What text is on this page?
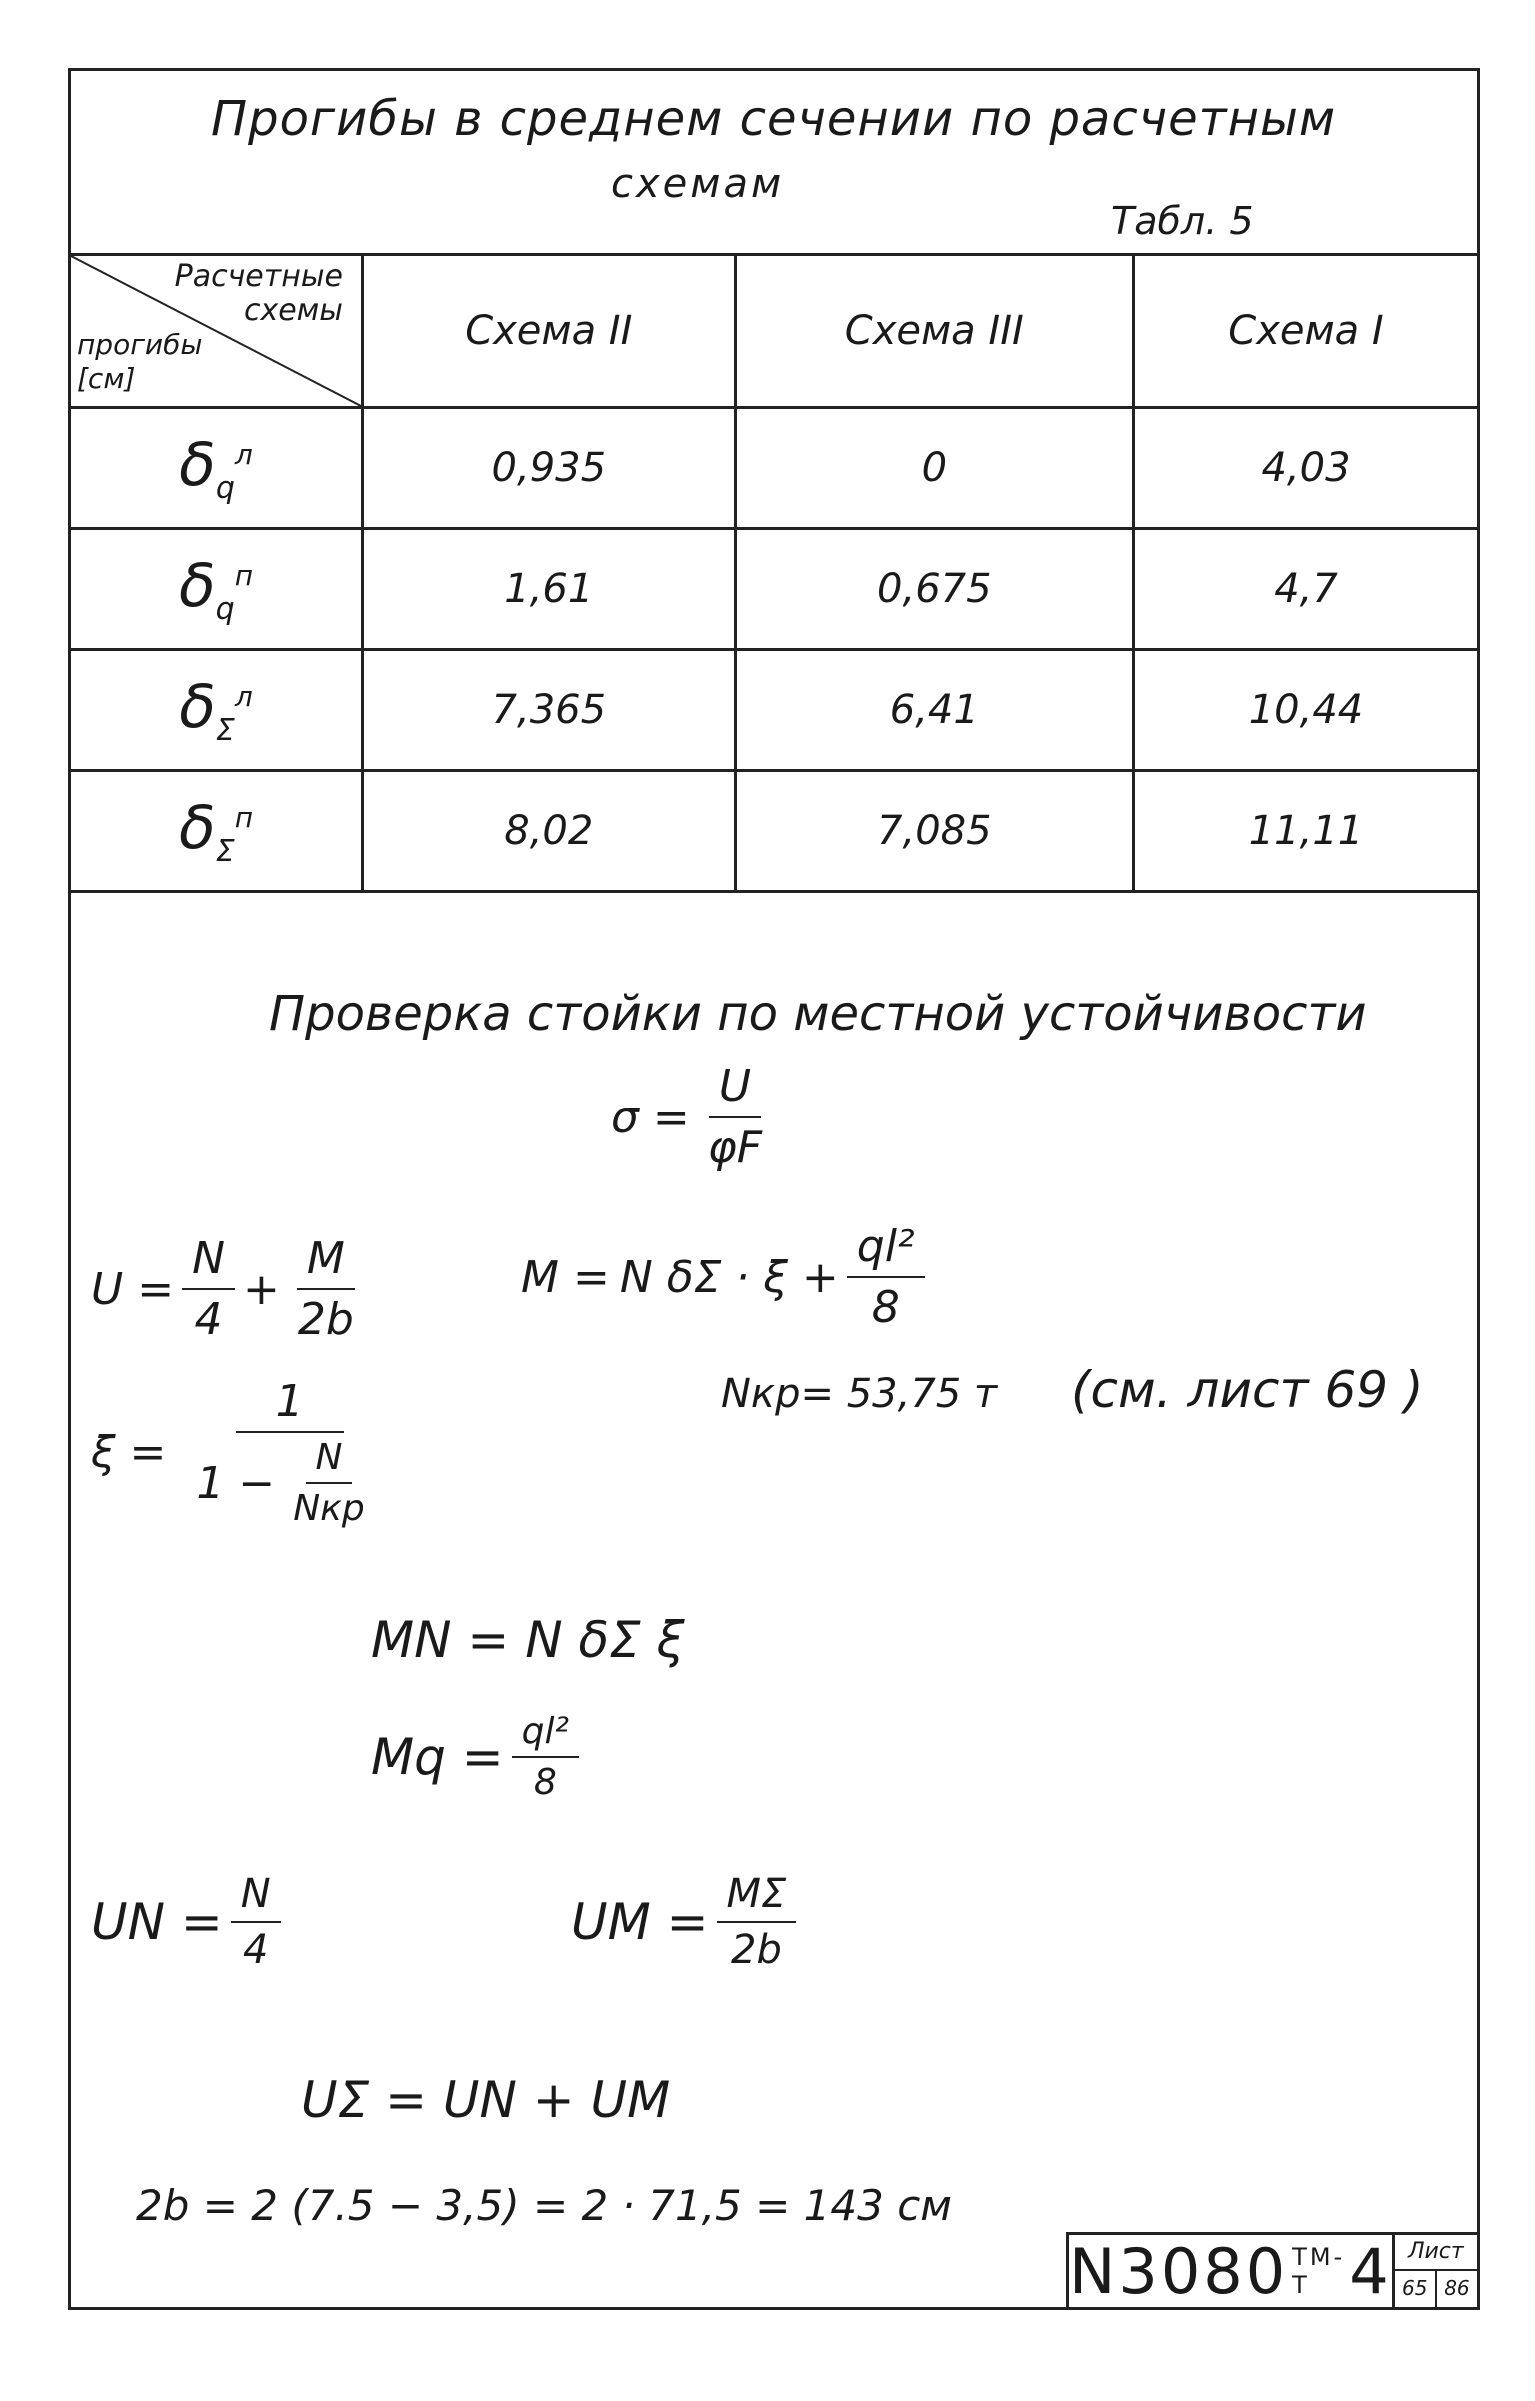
Прогибы в среднем сечении по расчетным
схемам
Табл. 5
Расчетные
схемы
прогибы
[см]	Схема II	Схема III	Схема I
$\delta_q^л$	0,935	0	4,03
$\delta_q^п$	1,61	0,675	4,7
$\delta_\Sigma^л$	7,365	6,41	10,44
$\delta_\Sigma^п$	8,02	7,085	11,11
Проверка стойки по местной устойчивости
$\sigma = \frac{U}{\varphi F}$
$U = \frac{N}{4} + \frac{M}{2b}$	M = N $\delta\Sigma \cdot \xi + \frac{\text{ql²}}{8}$
$\xi = \frac{1}{1 - \frac{N}{\text{Nкр}}}$	Nкр= 53,75 т (см. лист 69 )
MN = N δΣ ξ
$Mq = \frac{\text{ql²}}{8}$
UN = $\frac{N}{4}$	UM = $\frac{M\Sigma}{2b}$
UΣ = UN + UM
2b = 2 (7.5 − 3,5) = 2 · 71,5 = 143 см
N3080 ТМ-Т 4 Лист
65 86
